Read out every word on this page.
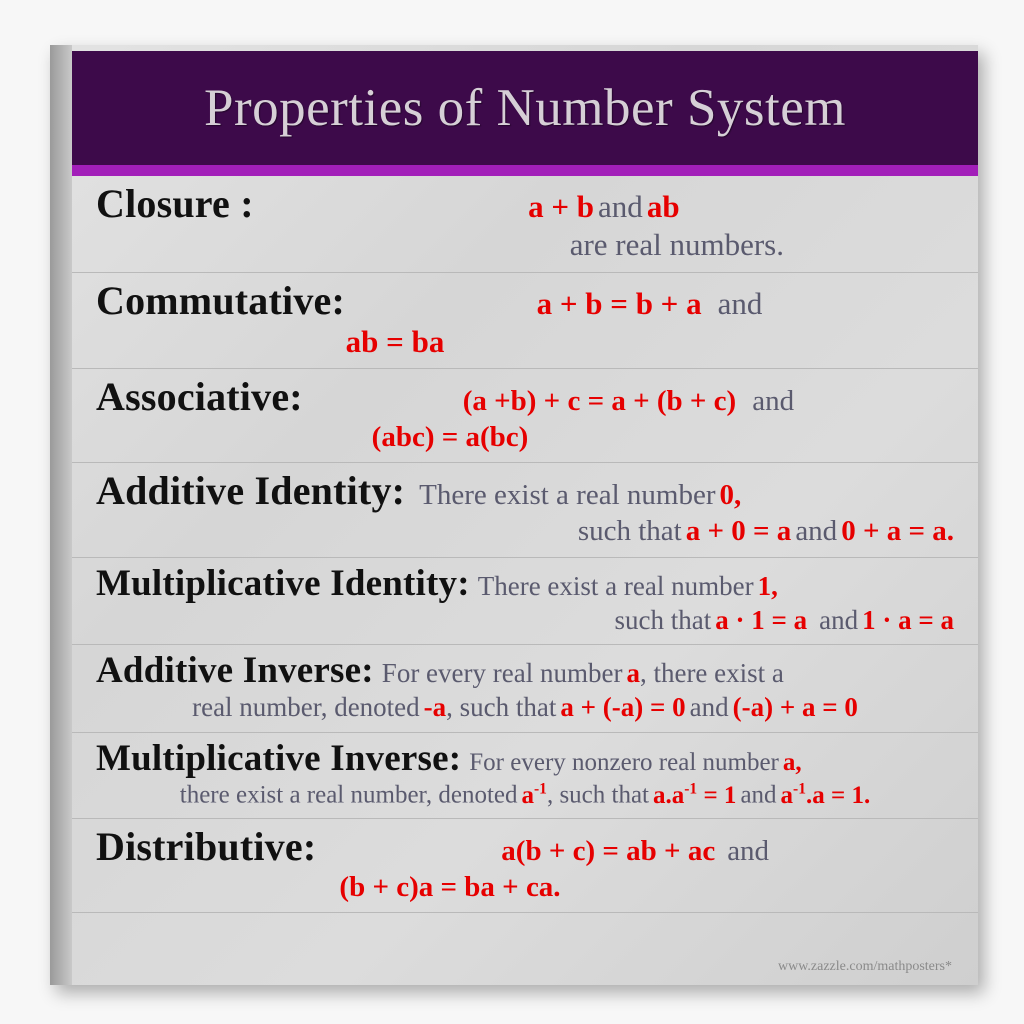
Properties of Number System
Closure :	a + b and ab
are real numbers.
Commutative:	a + b = b + a and
ab = ba
Associative:	(a +b) + c = a + (b + c) and
(abc) = a(bc)
Additive Identity: There exist a real number 0,
such that a + 0 = a and 0 + a = a.
Multiplicative Identity: There exist a real number 1,
such that a · 1 = a and 1 · a = a
Additive Inverse: For every real number a, there exist a
real number, denoted -a, such that a + (-a) = 0 and (-a) + a = 0
Multiplicative Inverse: For every nonzero real number a,
there exist a real number, denoted $a^{-1}$, such that $a.a^{-1} = 1$ and $a^{-1}.a = 1$.
Distributive:	a(b + c) = ab + ac and
(b + c)a = ba + ca.
www.zazzle.com/mathposters*
